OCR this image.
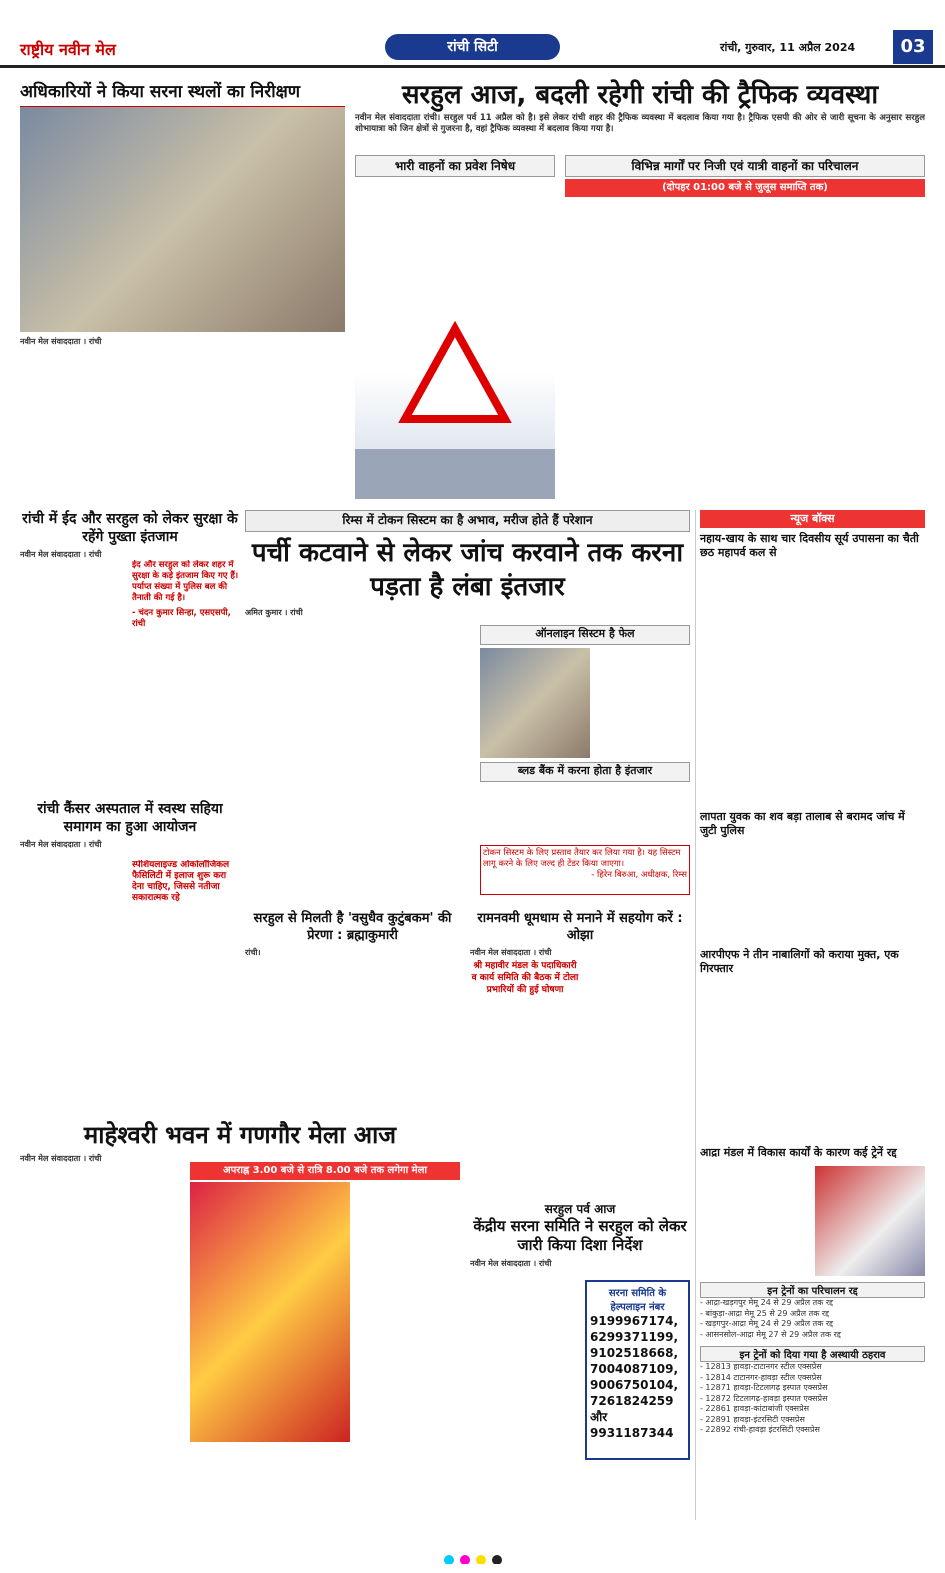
राष्ट्रीय नवीन मेल	रांची सिटी	रांची, गुरुवार, 11 अप्रैल 2024	03
अधिकारियों ने किया सरना स्थलों का निरीक्षण
नवीन मेल संवाददाता । रांची
सरहुल आज, बदली रहेगी रांची की ट्रैफिक व्यवस्था
नवीन मेल संवाददाता रांची। सरहुल पर्व 11 अप्रैल को है। इसे लेकर रांची शहर की ट्रैफिक व्यवस्था में बदलाव किया गया है। ट्रैफिक एसपी की ओर से जारी सूचना के अनुसार सरहुल शोभायात्रा को जिन क्षेत्रों से गुजरना है, वहां ट्रैफिक व्यवस्था में बदलाव किया गया है।
भारी वाहनों का प्रवेश निषेध	विभिन्न मार्गों पर निजी एवं यात्री वाहनों का परिचालन
(दोपहर 01:00 बजे से जुलूस समाप्ति तक)
रांची में ईद और सरहुल को लेकर सुरक्षा के रहेंगे पुख्ता इंतजाम
नवीन मेल संवाददाता । रांची
ईद और सरहुल को लेकर शहर में सुरक्षा के कड़े इंतजाम किए गए हैं। पर्याप्त संख्या में पुलिस बल की तैनाती की गई है।
- चंदन कुमार सिन्हा, एसएसपी, रांची
रिम्स में टोकन सिस्टम का है अभाव, मरीज होते हैं परेशान
पर्ची कटवाने से लेकर जांच करवाने तक करना पड़ता है लंबा इंतजार
अमित कुमार । रांची
ऑनलाइन सिस्टम है फेल
ब्लड बैंक में करना होता है इंतजार
टोकन सिस्टम के लिए प्रस्ताव तैयार कर लिया गया है। यह सिस्टम लागू करने के लिए जल्द ही टेंडर किया जाएगा।
- हिरेन बिरुआ, अधीक्षक, रिम्स
रांची कैंसर अस्पताल में स्वस्थ सहिया समागम का हुआ आयोजन
नवीन मेल संवाददाता । रांची
स्पेशियलाइज्ड ओंकोलॉजिकल फैसिलिटी में इलाज शुरू करा देना चाहिए, जिससे नतीजा सकारात्मक रहे
सरहुल से मिलती है 'वसुधैव कुटुंबकम' की प्रेरणा : ब्रह्माकुमारी
रांची।
रामनवमी धूमधाम से मनाने में सहयोग करें : ओझा
नवीन मेल संवाददाता । रांची
श्री महावीर मंडल के पदाधिकारी व कार्य समिति की बैठक में टोला प्रभारियों की हुई घोषणा
माहेश्वरी भवन में गणगौर मेला आज
नवीन मेल संवाददाता । रांची
अपराह्न 3.00 बजे से रात्रि 8.00 बजे तक लगेगा मेला
सरहुल पर्व आज
केंद्रीय सरना समिति ने सरहुल को लेकर जारी किया दिशा निर्देश
नवीन मेल संवाददाता । रांची
सरना समिति के हेल्पलाइन नंबर
9199967174,
6299371199,
9102518668,
7004087109,
9006750104,
7261824259 और
9931187344
न्यूज बॉक्स
नहाय-खाय के साथ चार दिवसीय सूर्य उपासना का चैती छठ महापर्व कल से
लापता युवक का शव बड़ा तालाब से बरामद जांच में जुटी पुलिस
आरपीएफ ने तीन नाबालिगों को कराया मुक्त, एक गिरफ्तार
आद्रा मंडल में विकास कार्यों के कारण कई ट्रेनें रद्द
इन ट्रेनों का परिचालन रद्द
- आद्रा-खड़गपुर मेमू 24 से 29 अप्रैल तक रद्द
- बांकुड़ा-आद्रा मेमू 25 से 29 अप्रैल तक रद्द
- खड़गपुर-आद्रा मेमू 24 से 29 अप्रैल तक रद्द
- आसनसोल-आद्रा मेमू 27 से 29 अप्रैल तक रद्द
इन ट्रेनों को दिया गया है अस्थायी ठहराव
- 12813 हावड़ा-टाटानगर स्टील एक्सप्रेस
- 12814 टाटानगर-हावड़ा स्टील एक्सप्रेस
- 12871 हावड़ा-टिटलागढ़ इस्पात एक्सप्रेस
- 12872 टिटलागढ़-हावड़ा इस्पात एक्सप्रेस
- 22861 हावड़ा-कांटाबांजी एक्सप्रेस
- 22891 हावड़ा-इंटरसिटी एक्सप्रेस
- 22892 रांची-हावड़ा इंटरसिटी एक्सप्रेस
